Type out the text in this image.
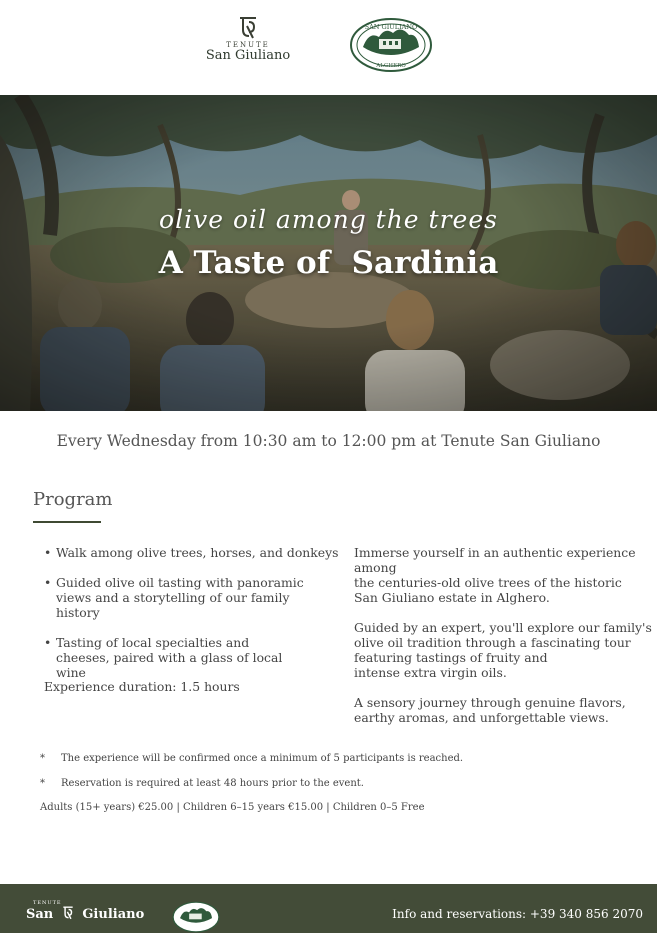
TENUTE
San Giuliano
SAN GIULIANO
ALGHERO
olive oil among the trees
A Taste of  Sardinia
Every Wednesday from 10:30 am to 12:00 pm at Tenute San Giuliano
Program
• Walk among olive trees, horses, and donkeys
• Guided olive oil tasting with panoramic views and a storytelling of our family history
• Tasting of local specialties and cheeses, paired with a glass of local wine
Experience duration: 1.5 hours

Immerse yourself in an authentic experience among
the centuries-old olive trees of the historic
San Giuliano estate in Alghero.

Guided by an expert, you'll explore our family's
olive oil tradition through a fascinating tour
featuring tastings of fruity and
intense extra virgin oils.

A sensory journey through genuine flavors,
earthy aromas, and unforgettable views.

* The experience will be confirmed once a minimum of 5 participants is reached.
* Reservation is required at least 48 hours prior to the event.
Adults (15+ years) €25.00 | Children 6–15 years €15.00 | Children 0–5 Free
TENUTE
San Giuliano	Info and reservations: +39 340 856 2070
